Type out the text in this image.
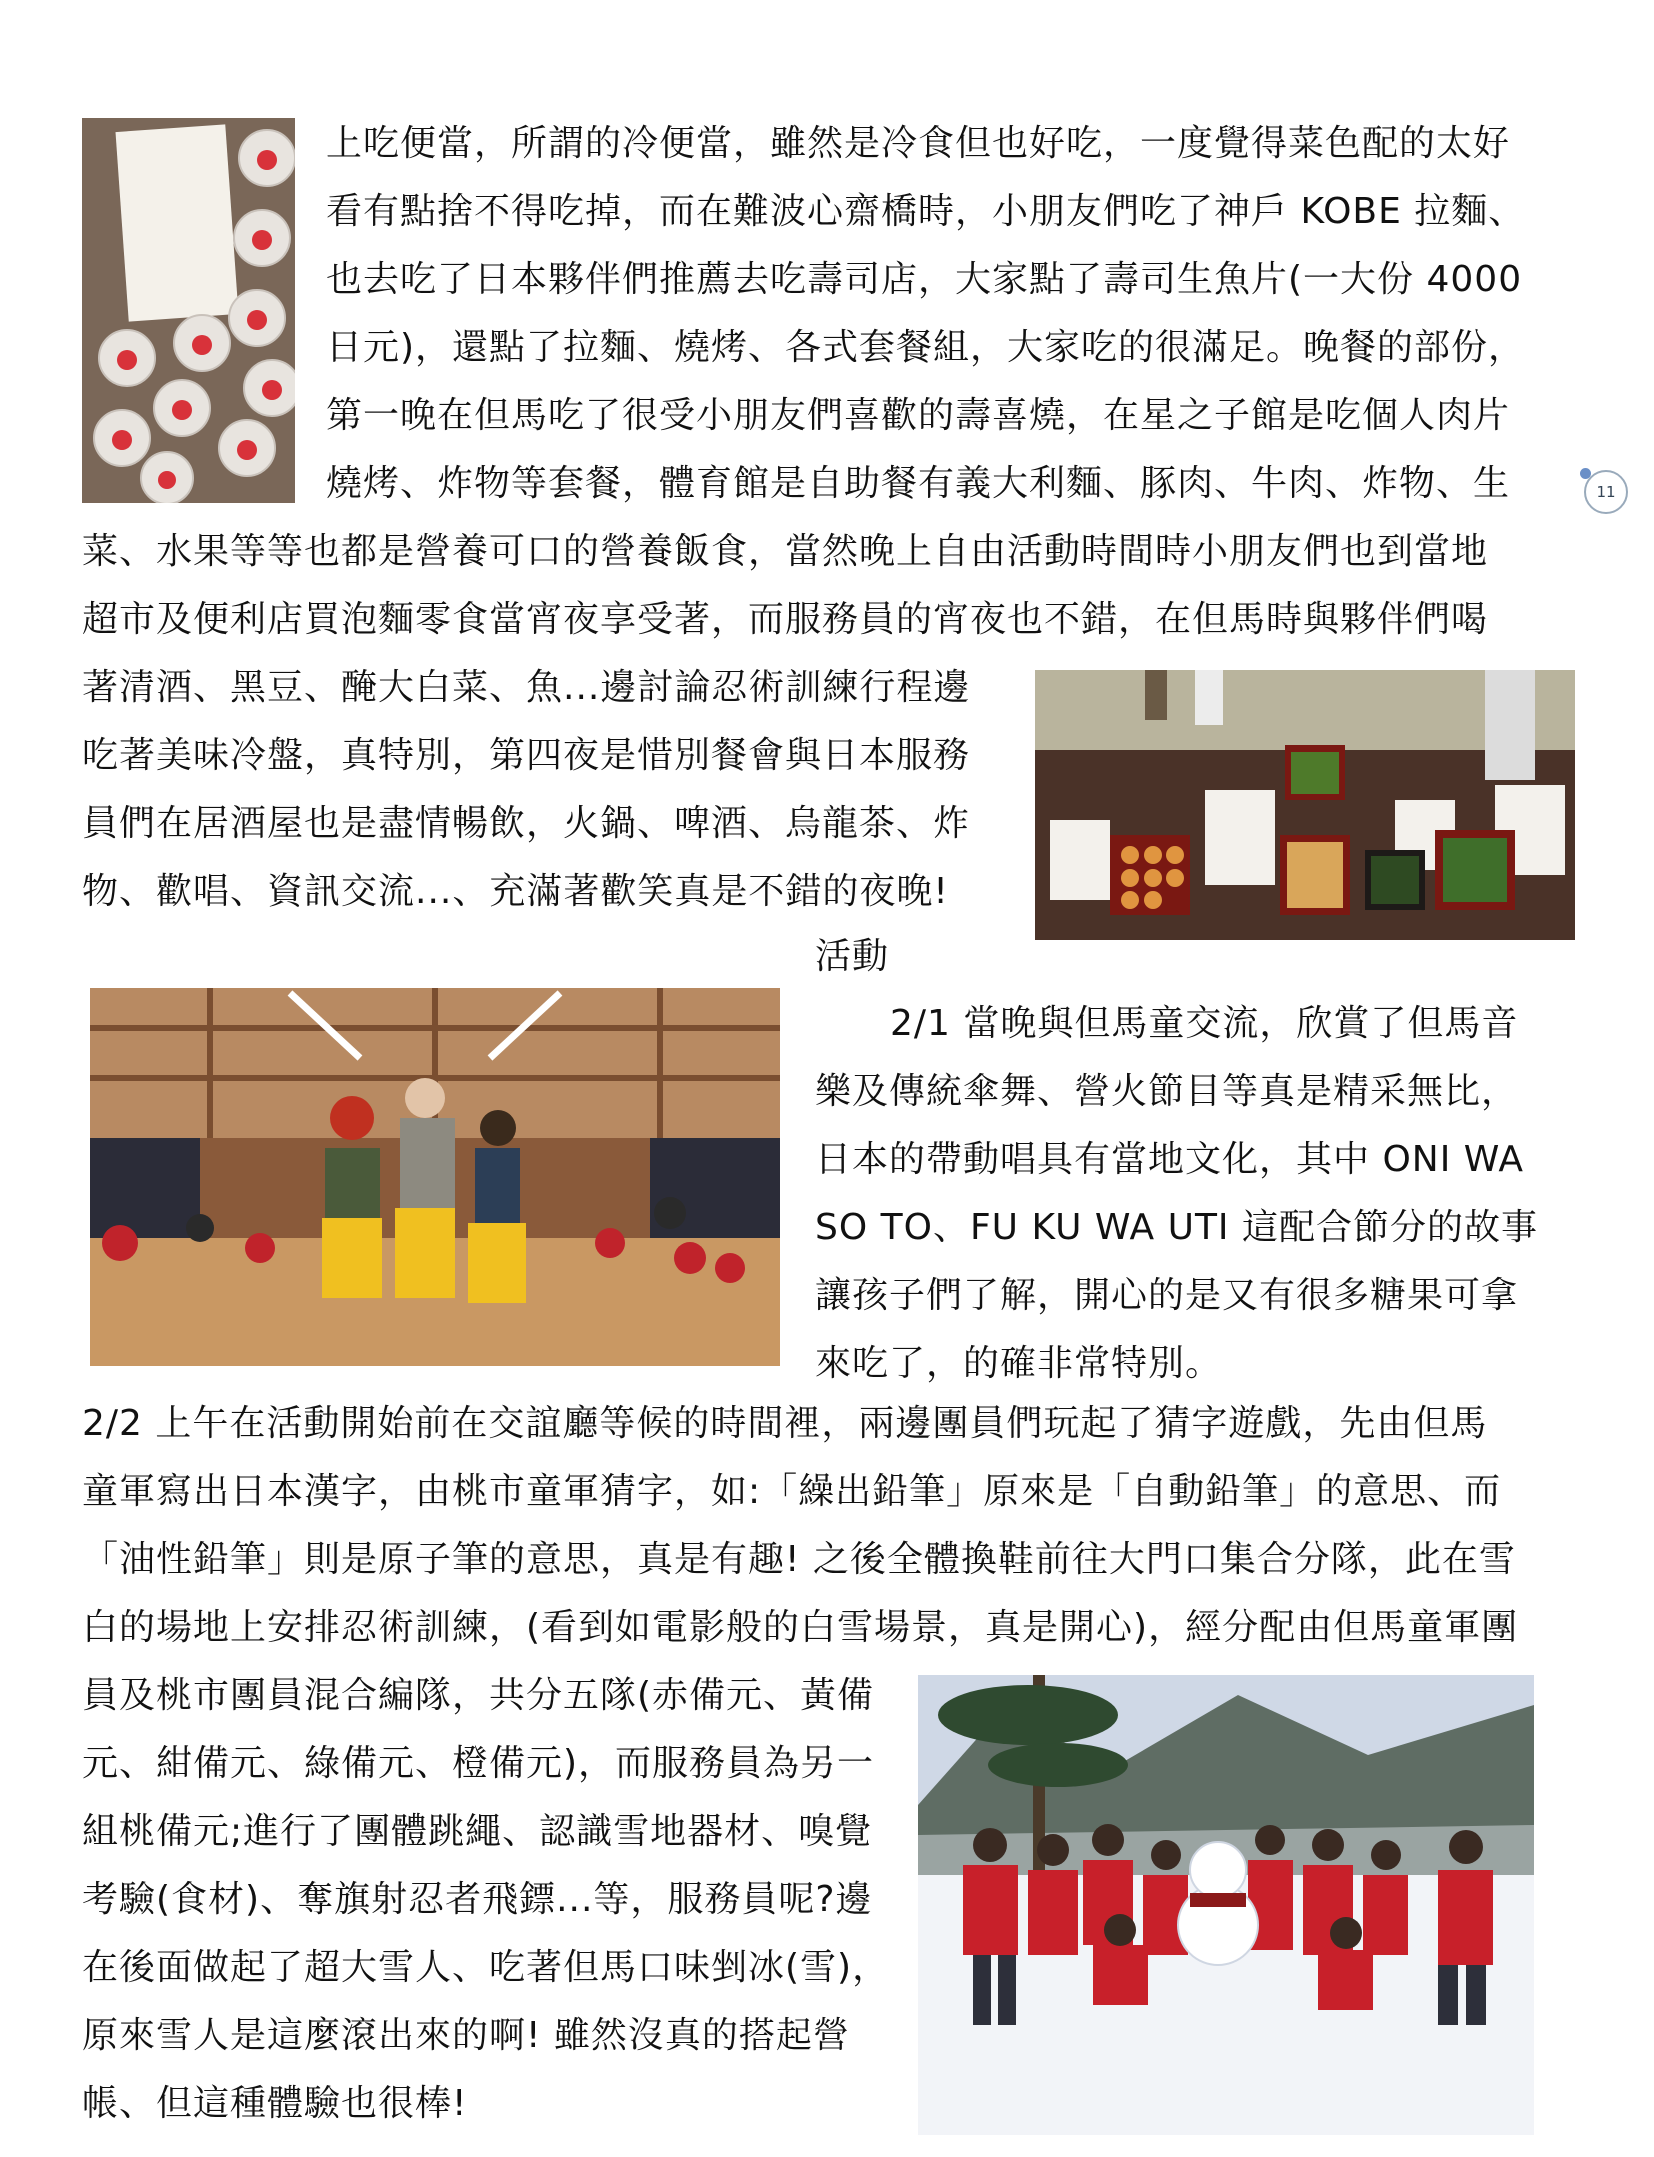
11
上吃便當，所謂的冷便當，雖然是冷食但也好吃，一度覺得菜色配的太好
看有點捨不得吃掉，而在難波心齋橋時，小朋友們吃了神戶 KOBE 拉麵、
也去吃了日本夥伴們推薦去吃壽司店，大家點了壽司生魚片(一大份 4000
日元)，還點了拉麵、燒烤、各式套餐組，大家吃的很滿足。晚餐的部份，
第一晚在但馬吃了很受小朋友們喜歡的壽喜燒，在星之子館是吃個人肉片
燒烤、炸物等套餐，體育館是自助餐有義大利麵、豚肉、牛肉、炸物、生
菜、水果等等也都是營養可口的營養飯食，當然晚上自由活動時間時小朋友們也到當地
超市及便利店買泡麵零食當宵夜享受著，而服務員的宵夜也不錯，在但馬時與夥伴們喝
著清酒、黑豆、醃大白菜、魚...邊討論忍術訓練行程邊
吃著美味冷盤，真特別，第四夜是惜別餐會與日本服務
員們在居酒屋也是盡情暢飲，火鍋、啤酒、烏龍茶、炸
物、歡唱、資訊交流...、充滿著歡笑真是不錯的夜晚!
活動
2/1 當晚與但馬童交流，欣賞了但馬音
樂及傳統傘舞、營火節目等真是精采無比，
日本的帶動唱具有當地文化，其中 ONI WA
SO TO、FU KU WA UTI 這配合節分的故事
讓孩子們了解，開心的是又有很多糖果可拿
來吃了，的確非常特別。
2/2 上午在活動開始前在交誼廳等候的時間裡，兩邊團員們玩起了猜字遊戲，先由但馬
童軍寫出日本漢字，由桃市童軍猜字，如:「繰出鉛筆」原來是「自動鉛筆」的意思、而
「油性鉛筆」則是原子筆的意思，真是有趣! 之後全體換鞋前往大門口集合分隊，此在雪
白的場地上安排忍術訓練，(看到如電影般的白雪場景，真是開心)，經分配由但馬童軍團
員及桃市團員混合編隊，共分五隊(赤備元、黃備
元、紺備元、綠備元、橙備元)，而服務員為另一
組桃備元;進行了團體跳繩、認識雪地器材、嗅覺
考驗(食材)、奪旗射忍者飛鏢...等，服務員呢?邊
在後面做起了超大雪人、吃著但馬口味剉冰(雪)，
原來雪人是這麼滾出來的啊! 雖然沒真的搭起營
帳、但這種體驗也很棒!
